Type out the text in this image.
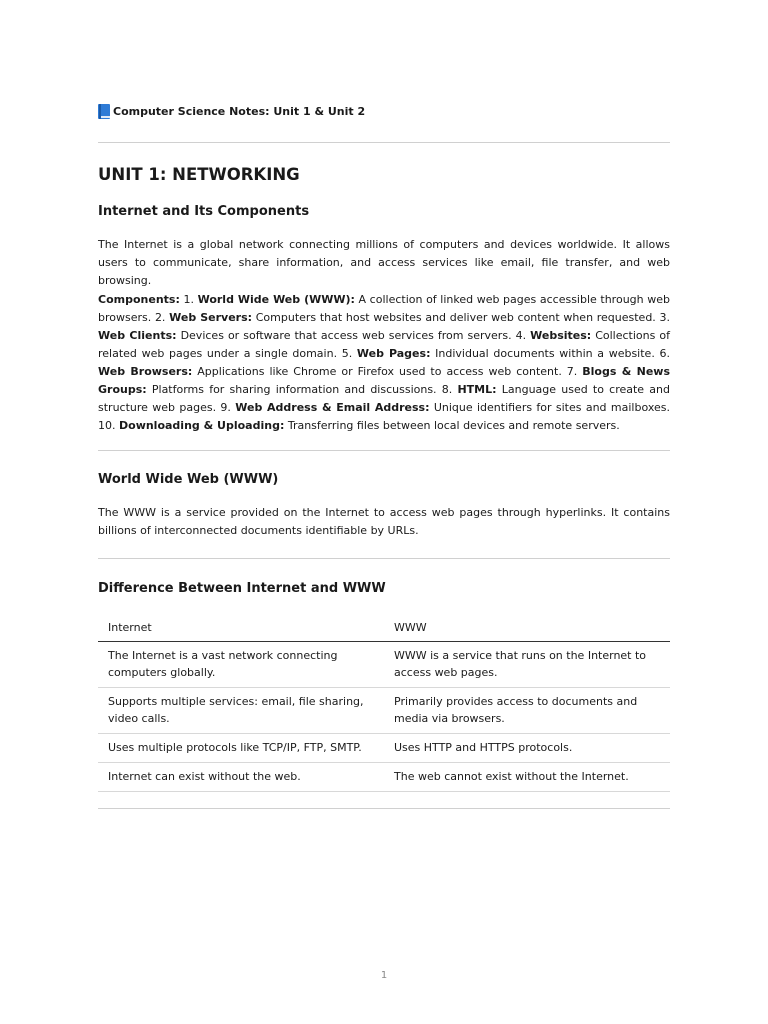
Computer Science Notes: Unit 1 & Unit 2
UNIT 1: NETWORKING
Internet and Its Components

The Internet is a global network connecting millions of computers and devices worldwide. It allows users to communicate, share information, and access services like email, file transfer, and web browsing.

Components: 1. World Wide Web (WWW): A collection of linked web pages accessible through web browsers. 2. Web Servers: Computers that host websites and deliver web content when requested. 3. Web Clients: Devices or software that access web services from servers. 4. Websites: Collections of related web pages under a single domain. 5. Web Pages: Individual documents within a website. 6. Web Browsers: Applications like Chrome or Firefox used to access web content. 7. Blogs & News Groups: Platforms for sharing information and discussions. 8. HTML: Language used to create and structure web pages. 9. Web Address & Email Address: Unique identifiers for sites and mailboxes. 10. Downloading & Uploading: Transferring files between local devices and remote servers.

World Wide Web (WWW)

The WWW is a service provided on the Internet to access web pages through hyperlinks. It contains billions of interconnected documents identifiable by URLs.

Difference Between Internet and WWW
Internet	WWW
The Internet is a vast network connecting computers globally.	WWW is a service that runs on the Internet to access web pages.
Supports multiple services: email, file sharing, video calls.	Primarily provides access to documents and media via browsers.
Uses multiple protocols like TCP/IP, FTP, SMTP.	Uses HTTP and HTTPS protocols.
Internet can exist without the web.	The web cannot exist without the Internet.
1
